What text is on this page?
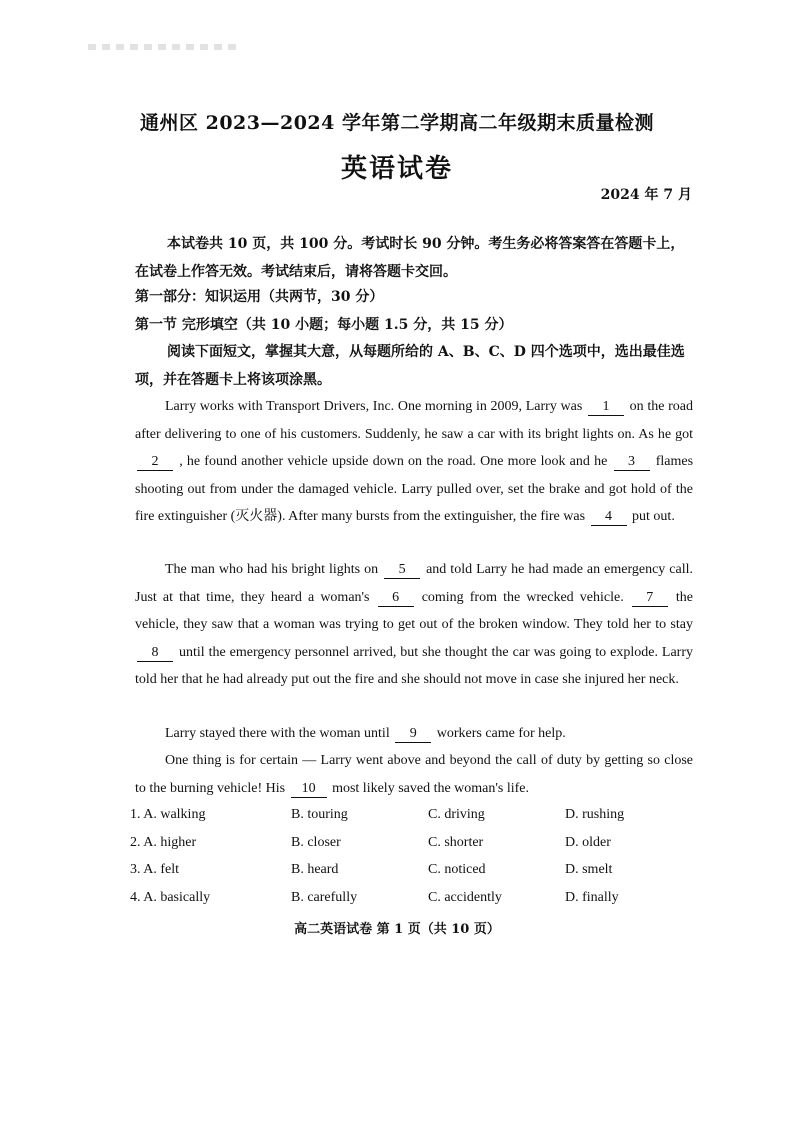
通州区 2023—2024 学年第二学期高二年级期末质量检测
英语试卷
2024 年 7 月
本试卷共 10 页，共 100 分。考试时长 90 分钟。考生务必将答案答在答题卡上，在试卷上作答无效。考试结束后，请将答题卡交回。
第一部分：知识运用（共两节，30 分）
第一节 完形填空（共 10 小题；每小题 1.5 分，共 15 分）
阅读下面短文，掌握其大意，从每题所给的 A、B、C、D 四个选项中，选出最佳选项，并在答题卡上将该项涂黑。
Larry works with Transport Drivers, Inc. One morning in 2009, Larry was 1 on the road after delivering to one of his customers. Suddenly, he saw a car with its bright lights on. As he got 2 , he found another vehicle upside down on the road. One more look and he 3 flames shooting out from under the damaged vehicle. Larry pulled over, set the brake and got hold of the fire extinguisher (灭火器). After many bursts from the extinguisher, the fire was 4 put out.
The man who had his bright lights on 5 and told Larry he had made an emergency call. Just at that time, they heard a woman's 6 coming from the wrecked vehicle. 7 the vehicle, they saw that a woman was trying to get out of the broken window. They told her to stay 8 until the emergency personnel arrived, but she thought the car was going to explode. Larry told her that he had already put out the fire and she should not move in case she injured her neck.
Larry stayed there with the woman until 9 workers came for help.
One thing is for certain — Larry went above and beyond the call of duty by getting so close to the burning vehicle! His 10 most likely saved the woman's life.
1. A. walking	B. touring	C. driving	D. rushing
2. A. higher	B. closer	C. shorter	D. older
3. A. felt	B. heard	C. noticed	D. smelt
4. A. basically	B. carefully	C. accidently	D. finally
高二英语试卷 第 1 页（共 10 页）
